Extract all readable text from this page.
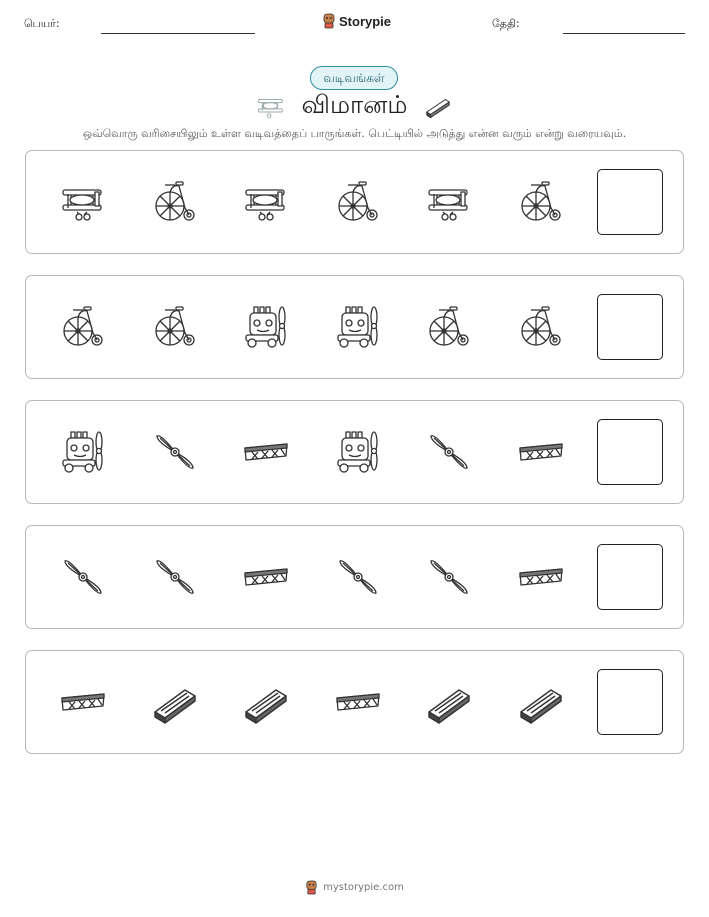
பெயர்:	Storypie	தேதி:
வடிவங்கள்
விமானம்
ஒவ்வொரு வரிசையிலும் உள்ள வடிவத்தைப் பாருங்கள். பெட்டியில் அடுத்து என்ன வரும் என்று வரையவும்.
mystorypie.com
